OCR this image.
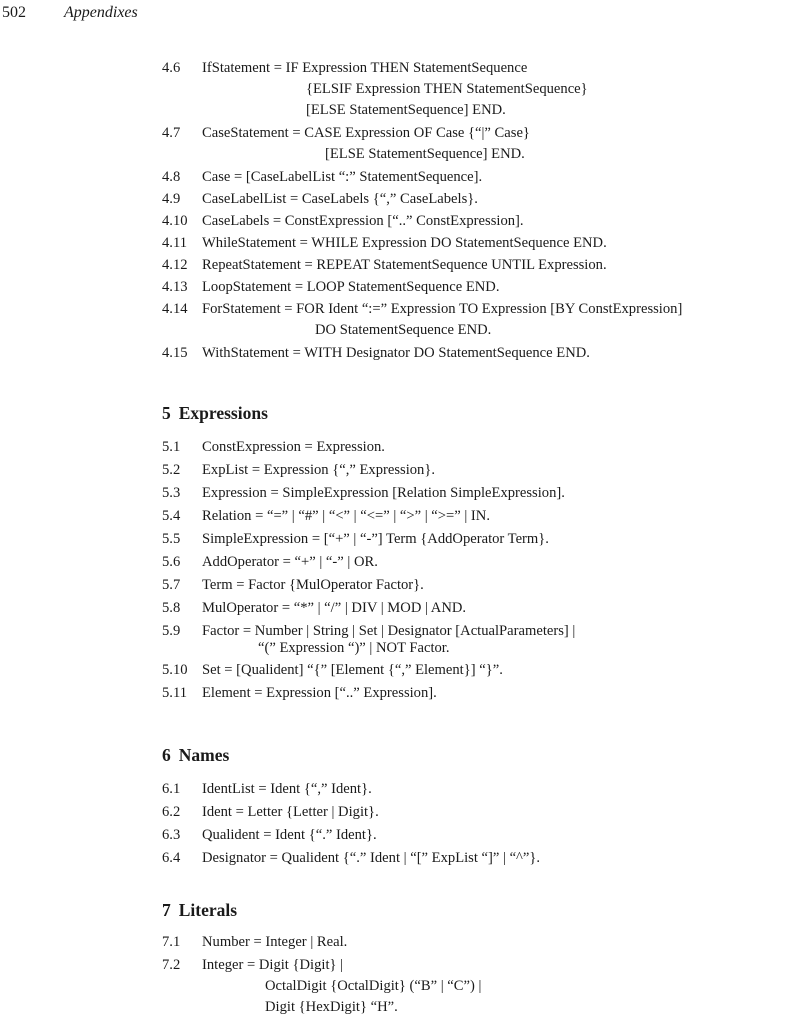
502 Appendixes
4.6 IfStatement = IF Expression THEN StatementSequence
{ELSIF Expression THEN StatementSequence}
[ELSE StatementSequence] END.
4.7 CaseStatement = CASE Expression OF Case {“|” Case}
[ELSE StatementSequence] END.
4.8 Case = [CaseLabelList “:” StatementSequence].
4.9 CaseLabelList = CaseLabels {“,” CaseLabels}.
4.10 CaseLabels = ConstExpression [“..” ConstExpression].
4.11 WhileStatement = WHILE Expression DO StatementSequence END.
4.12 RepeatStatement = REPEAT StatementSequence UNTIL Expression.
4.13 LoopStatement = LOOP StatementSequence END.
4.14 ForStatement = FOR Ident “:=” Expression TO Expression [BY ConstExpression]
DO StatementSequence END.
4.15 WithStatement = WITH Designator DO StatementSequence END.
5 Expressions
5.1 ConstExpression = Expression.
5.2 ExpList = Expression {“,” Expression}.
5.3 Expression = SimpleExpression [Relation SimpleExpression].
5.4 Relation = “=” | “#” | “<” | “<=” | “>” | “>=” | IN.
5.5 SimpleExpression = [“+” | “-”] Term {AddOperator Term}.
5.6 AddOperator = “+” | “-” | OR.
5.7 Term = Factor {MulOperator Factor}.
5.8 MulOperator = “*” | “/” | DIV | MOD | AND.
5.9 Factor = Number | String | Set | Designator [ActualParameters] |
“(” Expression “)” | NOT Factor.
5.10 Set = [Qualident] “{” [Element {“,” Element}] “}”.
5.11 Element = Expression [“..” Expression].
6 Names
6.1 IdentList = Ident {“,” Ident}.
6.2 Ident = Letter {Letter | Digit}.
6.3 Qualident = Ident {“.” Ident}.
6.4 Designator = Qualident {“.” Ident | “[” ExpList “]” | “^”}.
7 Literals
7.1 Number = Integer | Real.
7.2 Integer = Digit {Digit} |
OctalDigit {OctalDigit} (“B” | “C”) |
Digit {HexDigit} “H”.
